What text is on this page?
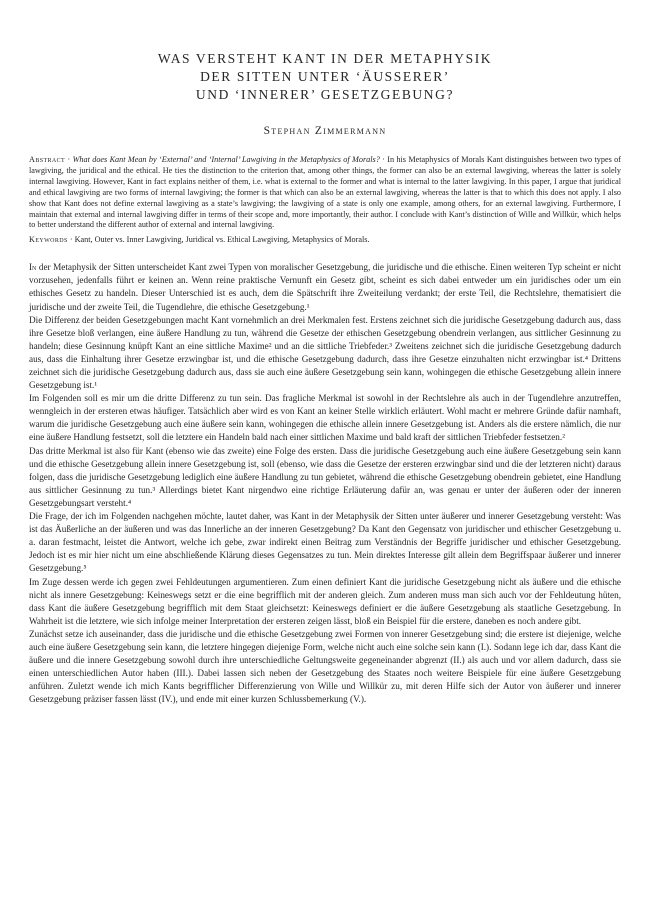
WAS VERSTEHT KANT IN DER METAPHYSIK
DER SITTEN UNTER ‘ÄUSSERER’
UND ‘INNERER’ GESETZGEBUNG?
Stephan Zimmermann
Abstract · What does Kant Mean by ‘External’ and ‘Internal’ Lawgiving in the Metaphysics of Morals? · In his Metaphysics of Morals Kant distinguishes between two types of lawgiving, the juridical and the ethical. He ties the distinction to the criterion that, among other things, the former can also be an external lawgiving, whereas the latter is solely internal lawgiving. However, Kant in fact explains neither of them, i.e. what is external to the former and what is internal to the latter lawgiving. In this paper, I argue that juridical and ethical lawgiving are two forms of internal lawgiving; the former is that which can also be an external lawgiving, whereas the latter is that to which this does not apply. I also show that Kant does not define external lawgiving as a state’s lawgiving; the lawgiving of a state is only one example, among others, for an external lawgiving. Furthermore, I maintain that external and internal lawgiving differ in terms of their scope and, more importantly, their author. I conclude with Kant’s distinction of Wille and Willkür, which helps to better understand the different author of external and internal lawgiving.
Keywords · Kant, Outer vs. Inner Lawgiving, Juridical vs. Ethical Lawgiving, Metaphysics of Morals.

In der Metaphysik der Sitten unterscheidet Kant zwei Typen von moralischer Gesetzgebung, die juridische und die ethische. Einen weiteren Typ scheint er nicht vorzusehen, jedenfalls führt er keinen an. Wenn reine praktische Vernunft ein Gesetz gibt, scheint es sich dabei entweder um ein juridisches oder um ein ethisches Gesetz zu handeln. Dieser Unterschied ist es auch, dem die Spätschrift ihre Zweiteilung verdankt; der erste Teil, die Rechtslehre, thematisiert die juridische und der zweite Teil, die Tugendlehre, die ethische Gesetzgebung.¹

Die Differenz der beiden Gesetzgebungen macht Kant vornehmlich an drei Merkmalen fest. Erstens zeichnet sich die juridische Gesetzgebung dadurch aus, dass ihre Gesetze bloß verlangen, eine äußere Handlung zu tun, während die Gesetze der ethischen Gesetzgebung obendrein verlangen, aus sittlicher Gesinnung zu handeln; diese Gesinnung knüpft Kant an eine sittliche Maxime² und an die sittliche Triebfeder.³ Zweitens zeichnet sich die juridische Gesetzgebung dadurch aus, dass die Einhaltung ihrer Gesetze erzwingbar ist, und die ethische Gesetzgebung dadurch, dass ihre Gesetze einzuhalten nicht erzwingbar ist.⁴ Drittens zeichnet sich die juridische Gesetzgebung dadurch aus, dass sie auch eine äußere Gesetzgebung sein kann, wohingegen die ethische Gesetzgebung allein innere Gesetzgebung ist.¹

Im Folgenden soll es mir um die dritte Differenz zu tun sein. Das fragliche Merkmal ist sowohl in der Rechtslehre als auch in der Tugendlehre anzutreffen, wenngleich in der ersteren etwas häufiger. Tatsächlich aber wird es von Kant an keiner Stelle wirklich erläutert. Wohl macht er mehrere Gründe dafür namhaft, warum die juridische Gesetzgebung auch eine äußere sein kann, wohingegen die ethische allein innere Gesetzgebung ist. Anders als die erstere nämlich, die nur eine äußere Handlung festsetzt, soll die letztere ein Handeln bald nach einer sittlichen Maxime und bald kraft der sittlichen Triebfeder festsetzen.²

Das dritte Merkmal ist also für Kant (ebenso wie das zweite) eine Folge des ersten. Dass die juridische Gesetzgebung auch eine äußere Gesetzgebung sein kann und die ethische Gesetzgebung allein innere Gesetzgebung ist, soll (ebenso, wie dass die Gesetze der ersteren erzwingbar sind und die der letzteren nicht) daraus folgen, dass die juridische Gesetzgebung lediglich eine äußere Handlung zu tun gebietet, während die ethische Gesetzgebung obendrein gebietet, eine Handlung aus sittlicher Gesinnung zu tun.³ Allerdings bietet Kant nirgendwo eine richtige Erläuterung dafür an, was genau er unter der äußeren oder der inneren Gesetzgebungsart versteht.⁴

Die Frage, der ich im Folgenden nachgehen möchte, lautet daher, was Kant in der Metaphysik der Sitten unter äußerer und innerer Gesetzgebung versteht: Was ist das Äußerliche an der äußeren und was das Innerliche an der inneren Gesetzgebung? Da Kant den Gegensatz von juridischer und ethischer Gesetzgebung u. a. daran festmacht, leistet die Antwort, welche ich gebe, zwar indirekt einen Beitrag zum Verständnis der Begriffe juridischer und ethischer Gesetzgebung. Jedoch ist es mir hier nicht um eine abschließende Klärung dieses Gegensatzes zu tun. Mein direktes Interesse gilt allein dem Begriffspaar äußerer und innerer Gesetzgebung.⁵

Im Zuge dessen werde ich gegen zwei Fehldeutungen argumentieren. Zum einen definiert Kant die juridische Gesetzgebung nicht als äußere und die ethische nicht als innere Gesetzgebung: Keineswegs setzt er die eine begrifflich mit der anderen gleich. Zum anderen muss man sich auch vor der Fehldeutung hüten, dass Kant die äußere Gesetzgebung begrifflich mit dem Staat gleichsetzt: Keineswegs definiert er die äußere Gesetzgebung als staatliche Gesetzgebung. In Wahrheit ist die letztere, wie sich infolge meiner Interpretation der ersteren zeigen lässt, bloß ein Beispiel für die erstere, daneben es noch andere gibt.

Zunächst setze ich auseinander, dass die juridische und die ethische Gesetzgebung zwei Formen von innerer Gesetzgebung sind; die erstere ist diejenige, welche auch eine äußere Gesetzgebung sein kann, die letztere hingegen diejenige Form, welche nicht auch eine solche sein kann (I.). Sodann lege ich dar, dass Kant die äußere und die innere Gesetzgebung sowohl durch ihre unterschiedliche Geltungsweite gegeneinander abgrenzt (II.) als auch und vor allem dadurch, dass sie einen unterschiedlichen Autor haben (III.). Dabei lassen sich neben der Gesetzgebung des Staates noch weitere Beispiele für eine äußere Gesetzgebung anführen. Zuletzt wende ich mich Kants begrifflicher Differenzierung von Wille und Willkür zu, mit deren Hilfe sich der Autor von äußerer und innerer Gesetzgebung präziser fassen lässt (IV.), und ende mit einer kurzen Schlussbemerkung (V.).
